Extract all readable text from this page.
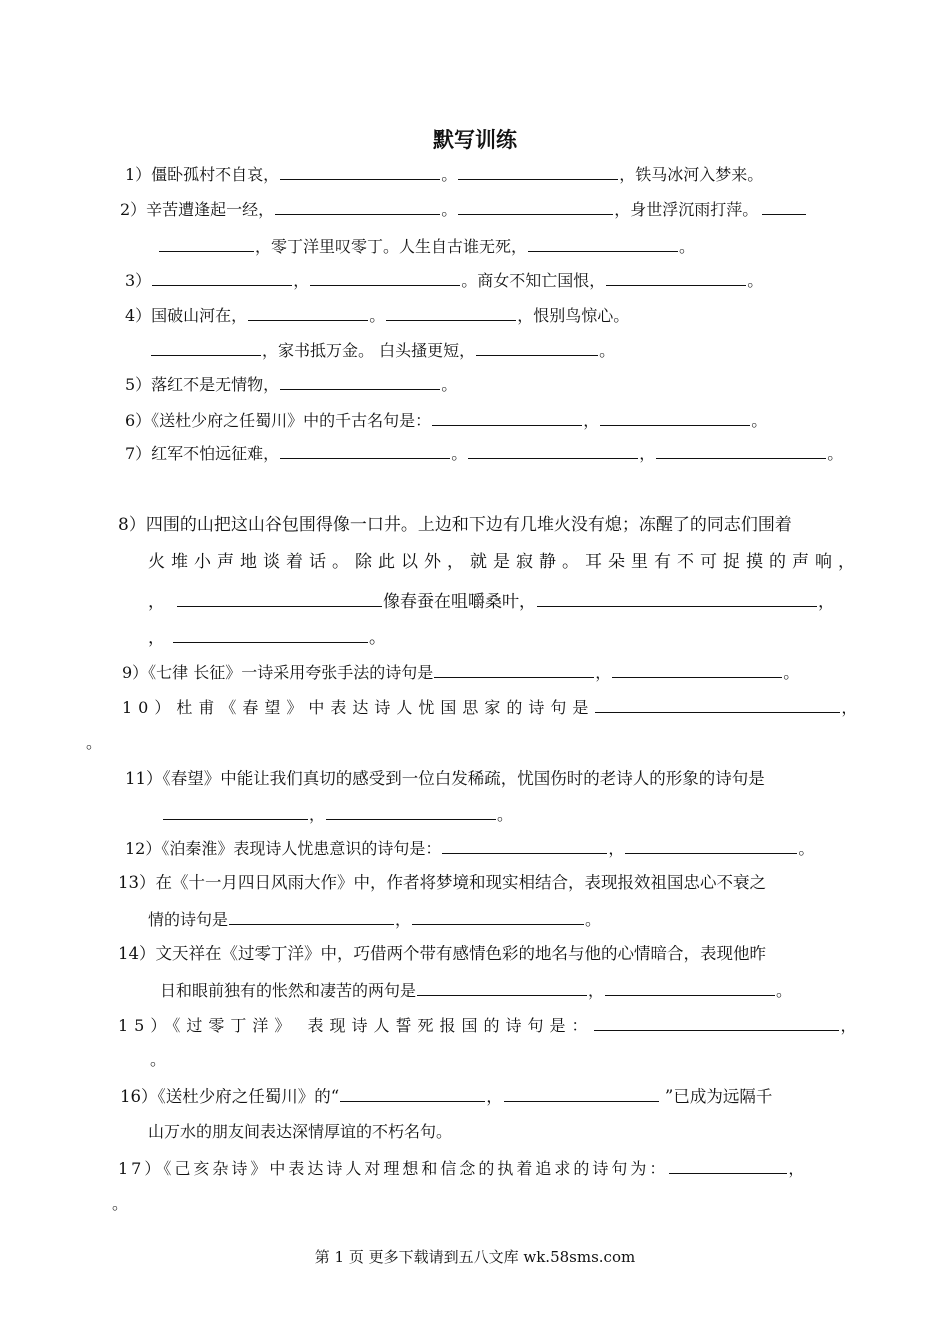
默写训练
1）僵卧孤村不自哀，	。	，铁马冰河入梦来。
2）辛苦遭逢起一经，	。	，身世浮沉雨打萍。
，零丁洋里叹零丁。人生自古谁无死，	。
3）	，	。商女不知亡国恨，	。
4）国破山河在，	。	，恨别鸟惊心。
，家书抵万金。 白头搔更短，	。
5）落红不是无情物，	。
6）《送杜少府之任蜀川》中的千古名句是：	，	。
7）红军不怕远征难，	。	，	。
8）四围的山把这山谷包围得像一口井。上边和下边有几堆火没有熄；冻醒了的同志们围着
火堆小声地谈着话。除此以外，就是寂静。耳朵里有不可捉摸的声响，
，	像春蚕在咀嚼桑叶，	，
，	。
9）《七律 长征》一诗采用夸张手法的诗句是	，	。
10）杜甫《春望》中表达诗人忧国思家的诗句是	，
。
11）《春望》中能让我们真切的感受到一位白发稀疏，忧国伤时的老诗人的形象的诗句是
，	。
12）《泊秦淮》表现诗人忧患意识的诗句是：	，	。
13）在《十一月四日风雨大作》中，作者将梦境和现实相结合，表现报效祖国忠心不衰之
情的诗句是	，	。
14）文天祥在《过零丁洋》中，巧借两个带有感情色彩的地名与他的心情暗合，表现他昨
日和眼前独有的怅然和凄苦的两句是	，	。
15）《过零丁洋》 表现诗人誓死报国的诗句是：	，
。
16）《送杜少府之任蜀川》的“	，	”已成为远隔千
山万水的朋友间表达深情厚谊的不朽名句。
17）《己亥杂诗》中表达诗人对理想和信念的执着追求的诗句为：	，
。
第 1 页 更多下载请到五八文库 wk.58sms.com
